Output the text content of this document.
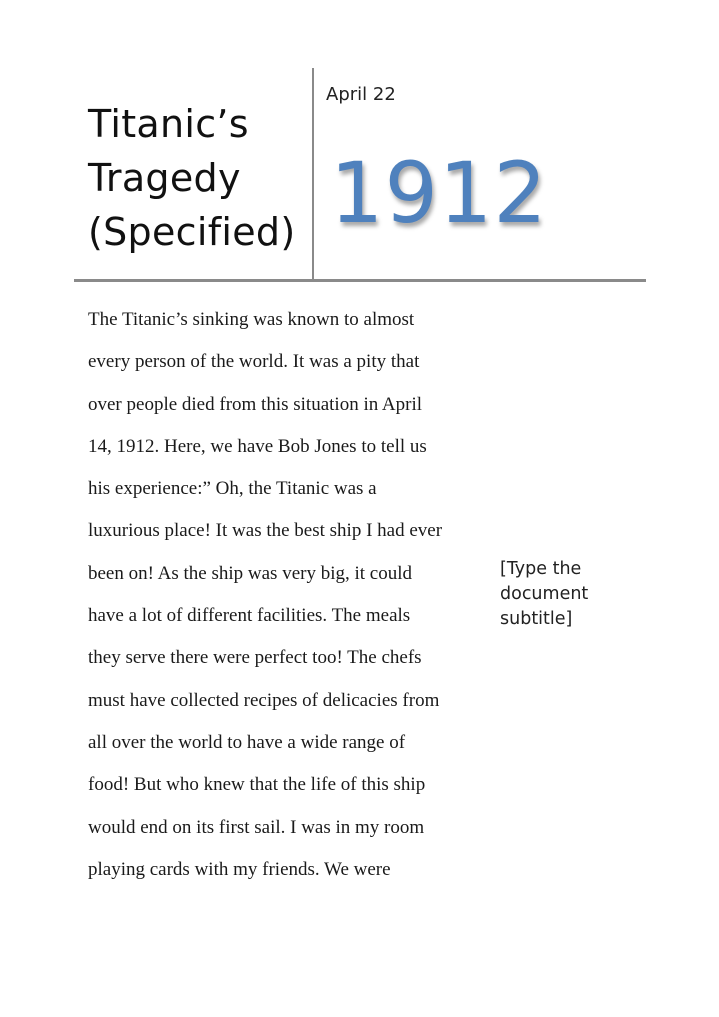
Titanic’s
Tragedy
(Specified)
April 22
1912
The Titanic’s sinking was known to almost
every person of the world. It was a pity that
over people died from this situation in April
14, 1912. Here, we have Bob Jones to tell us
his experience:” Oh, the Titanic was a
luxurious place! It was the best ship I had ever
been on! As the ship was very big, it could
have a lot of different facilities. The meals
they serve there were perfect too! The chefs
must have collected recipes of delicacies from
all over the world to have a wide range of
food! But who knew that the life of this ship
would end on its first sail. I was in my room
playing cards with my friends. We were
[Type the
document
subtitle]
